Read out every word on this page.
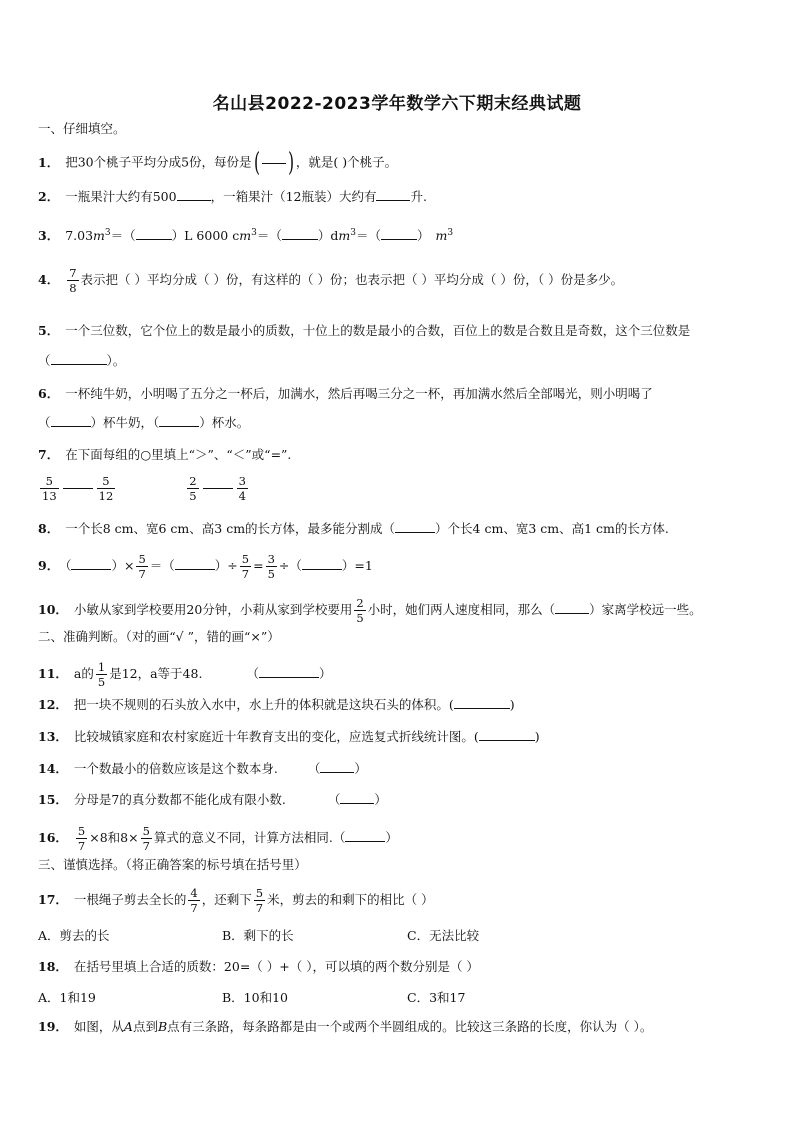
名山县2022-2023学年数学六下期末经典试题
一、仔细填空。
1． 把30个桃子平均分成5份，每份是( ) ，就是( )个桃子。
2． 一瓶果汁大约有500	，一箱果汁（12瓶装）大约有	升.
3． $7.03m^3=$（	）L 6000 $cm^3=$（	）$dm^3=$（	） $m^3$
4． $\frac{7}{8}$ 表示把（ ）平均分成（ ）份，有这样的（ ）份；也表示把（ ）平均分成（ ）份，（ ）份是多少。
5． 一个三位数，它个位上的数是最小的质数，十位上的数是最小的合数，百位上的数是合数且是奇数，这个三位数是
（	）。
6． 一杯纯牛奶，小明喝了五分之一杯后，加满水，然后再喝三分之一杯，再加满水然后全部喝光，则小明喝了
（	）杯牛奶，（	）杯水。
7． 在下面每组的○里填上“＞”、“＜”或“=”.
$\frac{5}{13}$	$\frac{5}{12}$	$\frac{2}{5}$	$\frac{3}{4}$
8． 一个长8 cm、宽6 cm、高3 cm的长方体，最多能分割成（	）个长4 cm、宽3 cm、高1 cm的长方体.
9． （	）× $\frac{5}{7}$ ＝（	）÷ $\frac{5}{7} = \frac{3}{5}$ ÷（	）=1
10． 小敏从家到学校要用20分钟，小莉从家到学校要用 $\frac{2}{5}$ 小时，她们两人速度相同，那么（	）家离学校远一些。
二、准确判断。（对的画“√ ”，错的画“×”）
11． a的 $\frac{1}{5}$ 是12，a等于48.	（	）
12． 把一块不规则的石头放入水中，水上升的体积就是这块石头的体积。(	)
13． 比较城镇家庭和农村家庭近十年教育支出的变化，应选复式折线统计图。(	)
14． 一个数最小的倍数应该是这个数本身. （	）
15． 分母是7的真分数都不能化成有限小数.	（	）
16． $\frac{5}{7} \times 8$和$8\times \frac{5}{7}$ 算式的意义不同，计算方法相同.（	）
三、谨慎选择。（将正确答案的标号填在括号里）
17． 一根绳子剪去全长的 $\frac{4}{7}$ ，还剩下 $\frac{5}{7}$ 米，剪去的和剩下的相比（ ）
A．剪去的长	B．剩下的长	C．无法比较
18． 在括号里填上合适的质数：20=（ ）+（ ），可以填的两个数分别是（ ）
A．1和19	B．10和10	C．3和17
19． 如图，从A点到B点有三条路，每条路都是由一个或两个半圆组成的。比较这三条路的长度，你认为（ ）。
